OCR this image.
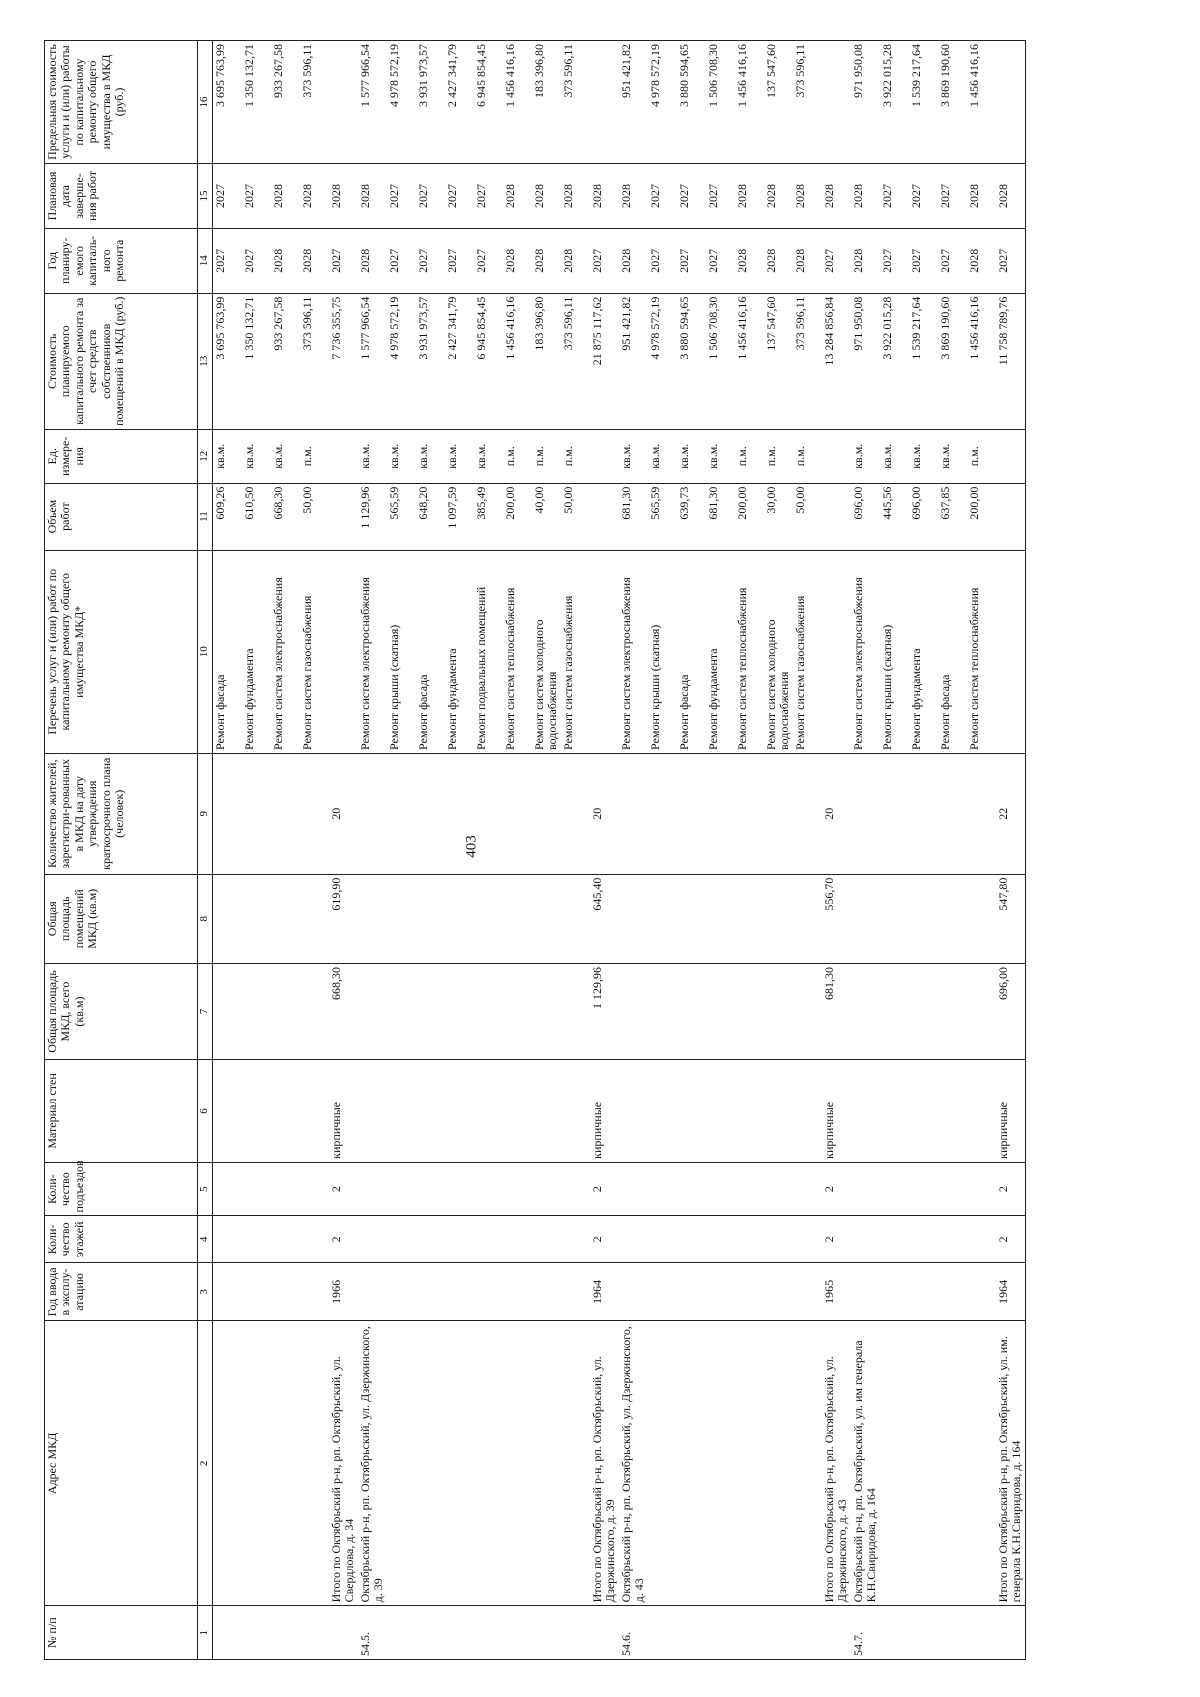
403
№ п/п	Адрес МКД	Год ввода в эксплу-атацию	Коли-чество этажей	Коли-чество подъездов	Материал стен	Общая площадь МКД, всего (кв.м)	Общая площадь помещений МКД (кв.м)	Количество жителей, зарегистри-рованных в МКД на дату утверждения краткосрочного плана (человек)	Перечень услуг и (или) работ по капитальному ремонту общего имущества МКД*	Объем работ	Ед. измере-ния	Стоимость планируемого капитального ремонта за счет средств собственников помещений в МКД (руб.)	Год планиру-емого капиталь-ного ремонта	Плановая дата заверше-ния работ	Предельная стоимость услуги и (или) работы по капитальному ремонту общего имущества в МКД (руб.)
1	2	3	4	5	6	7	8	9	10	11	12	13	14	15	16
									Ремонт фасада	609,26	кв.м.	3 695 763,99	2027	2027	3 695 763,99
									Ремонт фундамента	610,50	кв.м.	1 350 132,71	2027	2027	1 350 132,71
									Ремонт систем электроснабжения	668,30	кв.м.	933 267,58	2028	2028	933 267,58
									Ремонт систем газоснабжения	50,00	п.м.	373 596,11	2028	2028	373 596,11
	Итого по Октябрьский р-н, рп. Октябрьский, ул. Свердлова, д. 34	1966	2	2	кирпичные	668,30	619,90	20				7 736 355,75	2027	2028	
54.5.	Октябрьский р-н, рп. Октябрьский, ул. Дзержинского, д. 39								Ремонт систем электроснабжения	1 129,96	кв.м.	1 577 966,54	2028	2028	1 577 966,54
									Ремонт крыши (скатная)	565,59	кв.м.	4 978 572,19	2027	2027	4 978 572,19
									Ремонт фасада	648,20	кв.м.	3 931 973,57	2027	2027	3 931 973,57
									Ремонт фундамента	1 097,59	кв.м.	2 427 341,79	2027	2027	2 427 341,79
									Ремонт подвальных помещений	385,49	кв.м.	6 945 854,45	2027	2027	6 945 854,45
									Ремонт систем теплоснабжения	200,00	п.м.	1 456 416,16	2028	2028	1 456 416,16
									Ремонт систем холодного водоснабжения	40,00	п.м.	183 396,80	2028	2028	183 396,80
									Ремонт систем газоснабжения	50,00	п.м.	373 596,11	2028	2028	373 596,11
	Итого по Октябрьский р-н, рп. Октябрьский, ул. Дзержинского, д. 39	1964	2	2	кирпичные	1 129,96	645,40	20				21 875 117,62	2027	2028	
54.6.	Октябрьский р-н, рп. Октябрьский, ул. Дзержинского, д. 43								Ремонт систем электроснабжения	681,30	кв.м.	951 421,82	2028	2028	951 421,82
									Ремонт крыши (скатная)	565,59	кв.м.	4 978 572,19	2027	2027	4 978 572,19
									Ремонт фасада	639,73	кв.м.	3 880 594,65	2027	2027	3 880 594,65
									Ремонт фундамента	681,30	кв.м.	1 506 708,30	2027	2027	1 506 708,30
									Ремонт систем теплоснабжения	200,00	п.м.	1 456 416,16	2028	2028	1 456 416,16
									Ремонт систем холодного водоснабжения	30,00	п.м.	137 547,60	2028	2028	137 547,60
									Ремонт систем газоснабжения	50,00	п.м.	373 596,11	2028	2028	373 596,11
	Итого по Октябрьский р-н, рп. Октябрьский, ул. Дзержинского, д. 43	1965	2	2	кирпичные	681,30	556,70	20				13 284 856,84	2027	2028	
54.7.	Октябрьский р-н, рп. Октябрьский, ул. им генерала К.Н.Свиридова, д. 164								Ремонт систем электроснабжения	696,00	кв.м.	971 950,08	2028	2028	971 950,08
									Ремонт крыши (скатная)	445,56	кв.м.	3 922 015,28	2027	2027	3 922 015,28
									Ремонт фундамента	696,00	кв.м.	1 539 217,64	2027	2027	1 539 217,64
									Ремонт фасада	637,85	кв.м.	3 869 190,60	2027	2027	3 869 190,60
									Ремонт систем теплоснабжения	200,00	п.м.	1 456 416,16	2028	2028	1 456 416,16
	Итого по Октябрьский р-н, рп. Октябрьский, ул. им. генерала К.Н.Свиридова, д. 164	1964	2	2	кирпичные	696,00	547,80	22				11 758 789,76	2027	2028	
